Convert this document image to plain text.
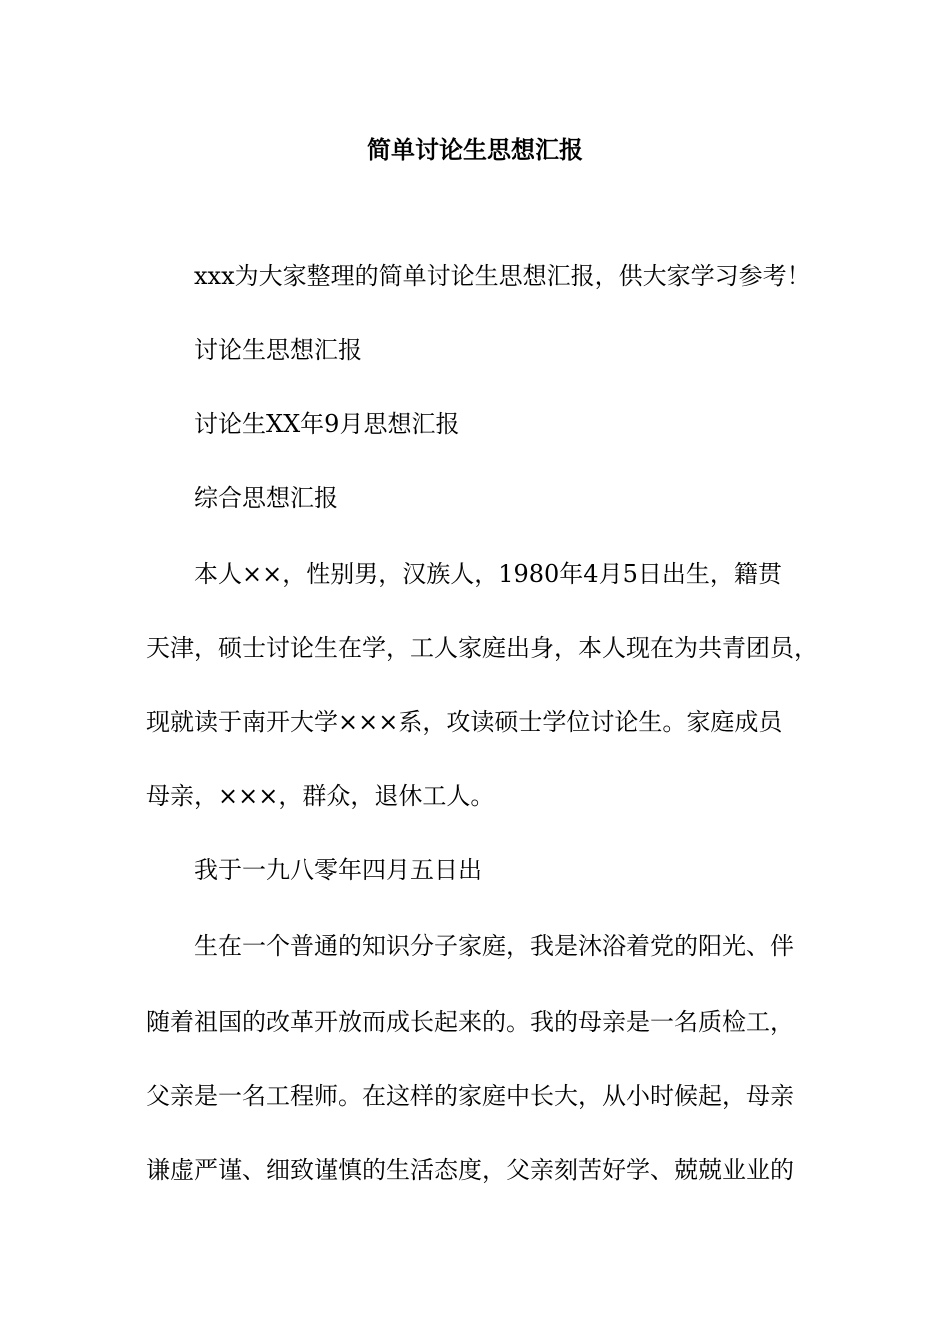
简单讨论生思想汇报

xxx为大家整理的简单讨论生思想汇报，供大家学习参考！

讨论生思想汇报

讨论生XX年9月思想汇报

综合思想汇报

本人××，性别男，汉族人，1980年4月5日出生，籍贯

天津，硕士讨论生在学，工人家庭出身，本人现在为共青团员，

现就读于南开大学×××系，攻读硕士学位讨论生。家庭成员

母亲，×××，群众，退休工人。

我于一九八零年四月五日出

生在一个普通的知识分子家庭，我是沐浴着党的阳光、伴

随着祖国的改革开放而成长起来的。我的母亲是一名质检工，

父亲是一名工程师。在这样的家庭中长大，从小时候起，母亲

谦虚严谨、细致谨慎的生活态度，父亲刻苦好学、兢兢业业的
